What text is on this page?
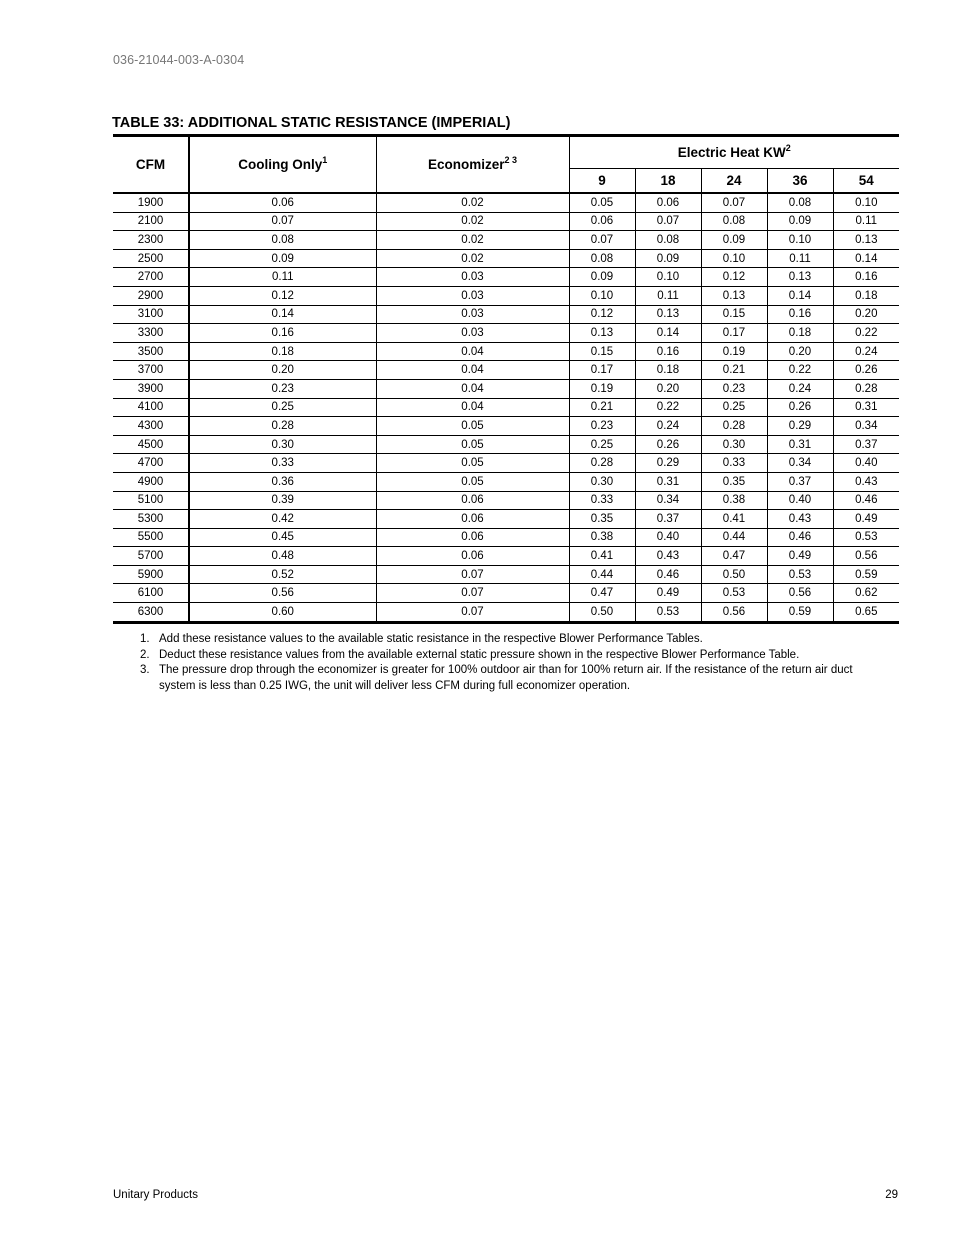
036-21044-003-A-0304
TABLE 33: ADDITIONAL STATIC RESISTANCE (IMPERIAL)
CFM	Cooling Only$^1$	Economizer$^{2 3}$	Electric Heat $KW^2$
			9	18	24	36	54
1900	0.06	0.02	0.05	0.06	0.07	0.08	0.10
2100	0.07	0.02	0.06	0.07	0.08	0.09	0.11
2300	0.08	0.02	0.07	0.08	0.09	0.10	0.13
2500	0.09	0.02	0.08	0.09	0.10	0.11	0.14
2700	0.11	0.03	0.09	0.10	0.12	0.13	0.16
2900	0.12	0.03	0.10	0.11	0.13	0.14	0.18
3100	0.14	0.03	0.12	0.13	0.15	0.16	0.20
3300	0.16	0.03	0.13	0.14	0.17	0.18	0.22
3500	0.18	0.04	0.15	0.16	0.19	0.20	0.24
3700	0.20	0.04	0.17	0.18	0.21	0.22	0.26
3900	0.23	0.04	0.19	0.20	0.23	0.24	0.28
4100	0.25	0.04	0.21	0.22	0.25	0.26	0.31
4300	0.28	0.05	0.23	0.24	0.28	0.29	0.34
4500	0.30	0.05	0.25	0.26	0.30	0.31	0.37
4700	0.33	0.05	0.28	0.29	0.33	0.34	0.40
4900	0.36	0.05	0.30	0.31	0.35	0.37	0.43
5100	0.39	0.06	0.33	0.34	0.38	0.40	0.46
5300	0.42	0.06	0.35	0.37	0.41	0.43	0.49
5500	0.45	0.06	0.38	0.40	0.44	0.46	0.53
5700	0.48	0.06	0.41	0.43	0.47	0.49	0.56
5900	0.52	0.07	0.44	0.46	0.50	0.53	0.59
6100	0.56	0.07	0.47	0.49	0.53	0.56	0.62
6300	0.60	0.07	0.50	0.53	0.56	0.59	0.65
1. Add these resistance values to the available static resistance in the respective Blower Performance Tables.
2. Deduct these resistance values from the available external static pressure shown in the respective Blower Performance Table.
3. The pressure drop through the economizer is greater for 100% outdoor air than for 100% return air. If the resistance of the return air duct system is less than 0.25 IWG, the unit will deliver less CFM during full economizer operation.
Unitary Products	29
